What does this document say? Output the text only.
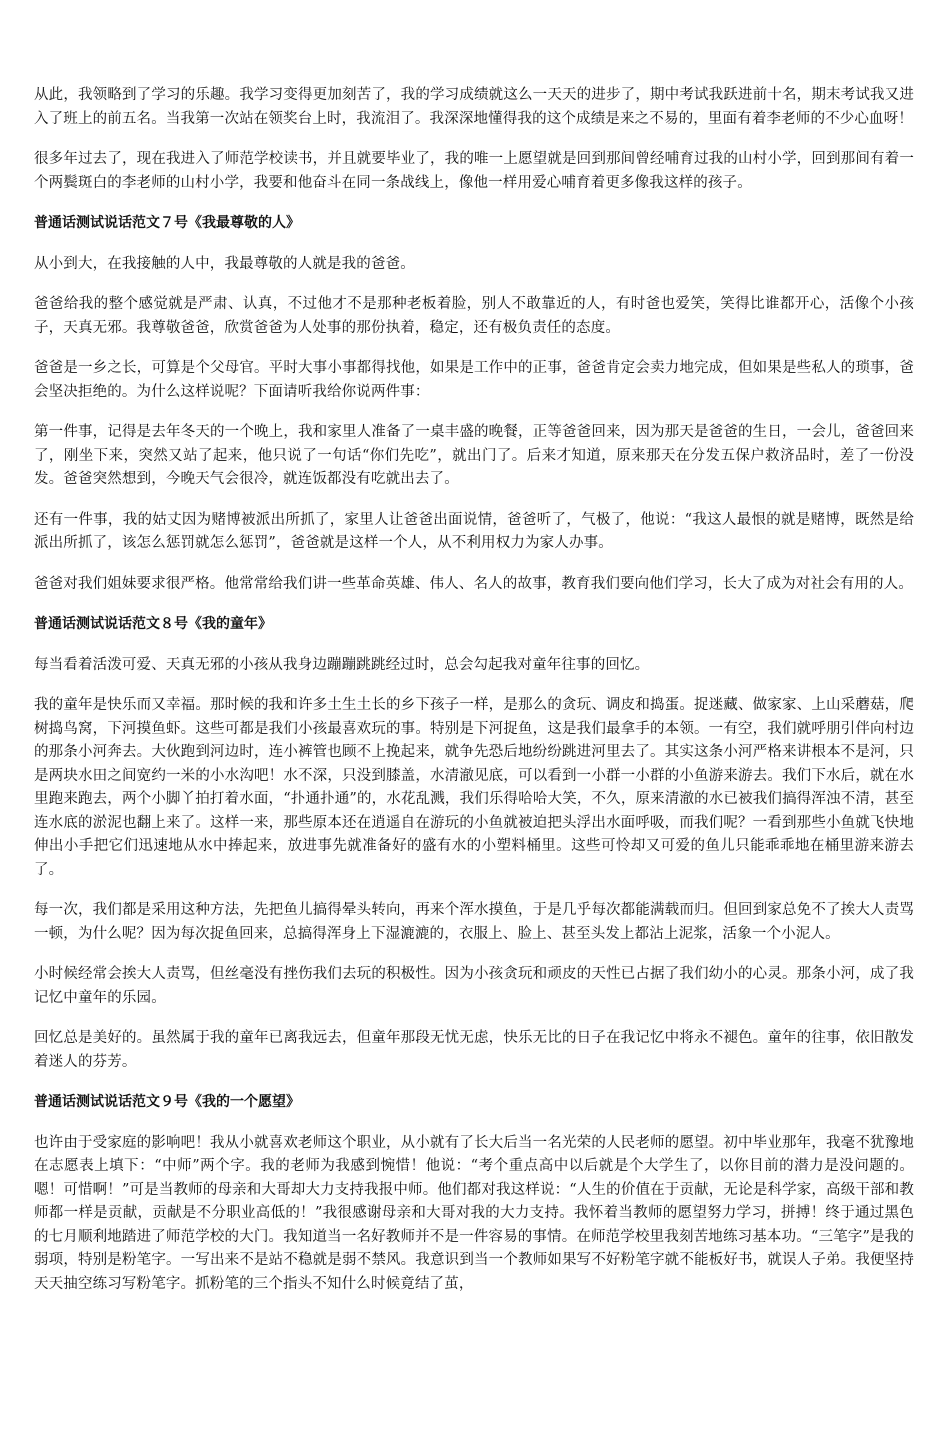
从此，我领略到了学习的乐趣。我学习变得更加刻苦了，我的学习成绩就这么一天天的进步了，期中考试我跃进前十名，期末考试我又进入了班上的前五名。当我第一次站在领奖台上时，我流泪了。我深深地懂得我的这个成绩是来之不易的，里面有着李老师的不少心血呀！

很多年过去了，现在我进入了师范学校读书，并且就要毕业了，我的唯一上愿望就是回到那间曾经哺育过我的山村小学，回到那间有着一个两鬓斑白的李老师的山村小学，我要和他奋斗在同一条战线上，像他一样用爱心哺育着更多像我这样的孩子。

普通话测试说话范文７号《我最尊敬的人》

从小到大，在我接触的人中，我最尊敬的人就是我的爸爸。

爸爸给我的整个感觉就是严肃、认真，不过他才不是那种老板着脸，别人不敢靠近的人，有时爸也爱笑，笑得比谁都开心，活像个小孩子，天真无邪。我尊敬爸爸，欣赏爸爸为人处事的那份执着，稳定，还有极负责任的态度。

爸爸是一乡之长，可算是个父母官。平时大事小事都得找他，如果是工作中的正事，爸爸肯定会卖力地完成，但如果是些私人的琐事，爸会坚决拒绝的。为什么这样说呢？下面请听我给你说两件事：

第一件事，记得是去年冬天的一个晚上，我和家里人准备了一桌丰盛的晚餐，正等爸爸回来，因为那天是爸爸的生日，一会儿，爸爸回来了，刚坐下来，突然又站了起来，他只说了一句话“你们先吃”，就出门了。后来才知道，原来那天在分发五保户救济品时，差了一份没发。爸爸突然想到，今晚天气会很冷，就连饭都没有吃就出去了。

还有一件事，我的姑丈因为赌博被派出所抓了，家里人让爸爸出面说情，爸爸听了，气极了，他说：“我这人最恨的就是赌博，既然是给派出所抓了，该怎么惩罚就怎么惩罚”，爸爸就是这样一个人，从不利用权力为家人办事。

爸爸对我们姐妹要求很严格。他常常给我们讲一些革命英雄、伟人、名人的故事，教育我们要向他们学习，长大了成为对社会有用的人。

普通话测试说话范文８号《我的童年》

每当看着活泼可爱、天真无邪的小孩从我身边蹦蹦跳跳经过时，总会勾起我对童年往事的回忆。

我的童年是快乐而又幸福。那时候的我和许多土生土长的乡下孩子一样，是那么的贪玩、调皮和捣蛋。捉迷藏、做家家、上山采蘑菇，爬树捣鸟窝，下河摸鱼虾。这些可都是我们小孩最喜欢玩的事。特别是下河捉鱼，这是我们最拿手的本领。一有空，我们就呼朋引伴向村边的那条小河奔去。大伙跑到河边时，连小裤管也顾不上挽起来，就争先恐后地纷纷跳进河里去了。其实这条小河严格来讲根本不是河，只是两块水田之间宽约一米的小水沟吧！水不深，只没到膝盖，水清澈见底，可以看到一小群一小群的小鱼游来游去。我们下水后，就在水里跑来跑去，两个小脚丫拍打着水面，“扑通扑通”的，水花乱溅，我们乐得哈哈大笑，不久，原来清澈的水已被我们搞得浑浊不清，甚至连水底的淤泥也翻上来了。这样一来，那些原本还在逍遥自在游玩的小鱼就被迫把头浮出水面呼吸，而我们呢？一看到那些小鱼就飞快地伸出小手把它们迅速地从水中捧起来，放进事先就准备好的盛有水的小塑料桶里。这些可怜却又可爱的鱼儿只能乖乖地在桶里游来游去了。

每一次，我们都是采用这种方法，先把鱼儿搞得晕头转向，再来个浑水摸鱼，于是几乎每次都能满载而归。但回到家总免不了挨大人责骂一顿，为什么呢？因为每次捉鱼回来，总搞得浑身上下湿漉漉的，衣服上、脸上、甚至头发上都沾上泥浆，活象一个小泥人。

小时候经常会挨大人责骂，但丝毫没有挫伤我们去玩的积极性。因为小孩贪玩和顽皮的天性已占据了我们幼小的心灵。那条小河，成了我记忆中童年的乐园。

回忆总是美好的。虽然属于我的童年已离我远去，但童年那段无忧无虑，快乐无比的日子在我记忆中将永不褪色。童年的往事，依旧散发着迷人的芬芳。

普通话测试说话范文９号《我的一个愿望》

也许由于受家庭的影响吧！我从小就喜欢老师这个职业，从小就有了长大后当一名光荣的人民老师的愿望。初中毕业那年，我毫不犹豫地在志愿表上填下：“中师”两个字。我的老师为我感到惋惜！他说：“考个重点高中以后就是个大学生了，以你目前的潜力是没问题的。嗯！可惜啊！”可是当教师的母亲和大哥却大力支持我报中师。他们都对我这样说：“人生的价值在于贡献，无论是科学家，高级干部和教师都一样是贡献，贡献是不分职业高低的！”我很感谢母亲和大哥对我的大力支持。我怀着当教师的愿望努力学习，拼搏！终于通过黑色的七月顺利地踏进了师范学校的大门。我知道当一名好教师并不是一件容易的事情。在师范学校里我刻苦地练习基本功。“三笔字”是我的弱项，特别是粉笔字。一写出来不是站不稳就是弱不禁风。我意识到当一个教师如果写不好粉笔字就不能板好书，就误人子弟。我便坚持天天抽空练习写粉笔字。抓粉笔的三个指头不知什么时候竟结了茧，
